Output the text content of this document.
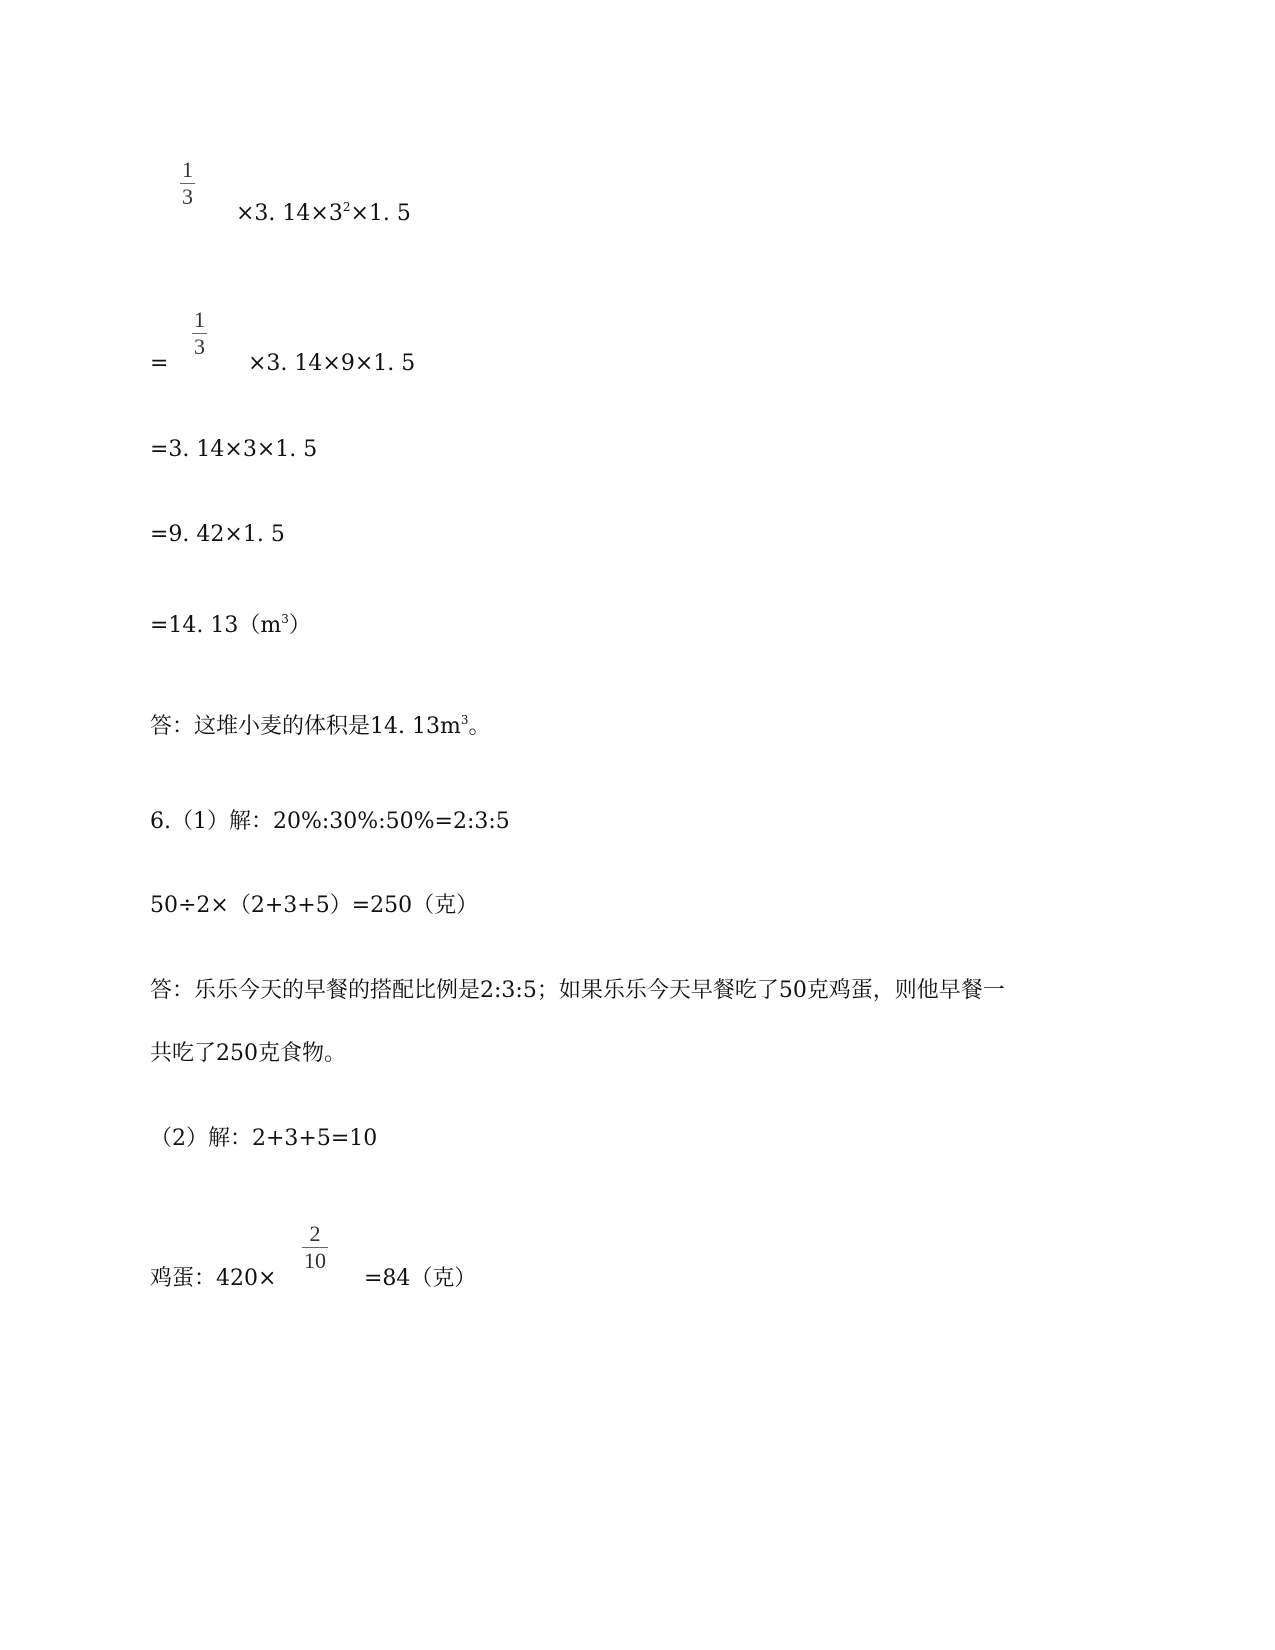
1
3
×3. $14\times 3^2\times 1$. 5
=
1
3
×3. 14×9×1. 5
=3. 14×3×1. 5
=9. 42×1. 5
=14. $13(m^3)$
答：这堆小麦的体积是14. $13m^3$。
6.（1）解：20%:30%:50%=2:3:5
50÷2×（2+3+5）=250（克）
答：乐乐今天的早餐的搭配比例是2:3:5；如果乐乐今天早餐吃了50克鸡蛋，则他早餐一
共吃了250克食物。
（2）解：2+3+5=10
鸡蛋：420×
2
10
=84（克）
